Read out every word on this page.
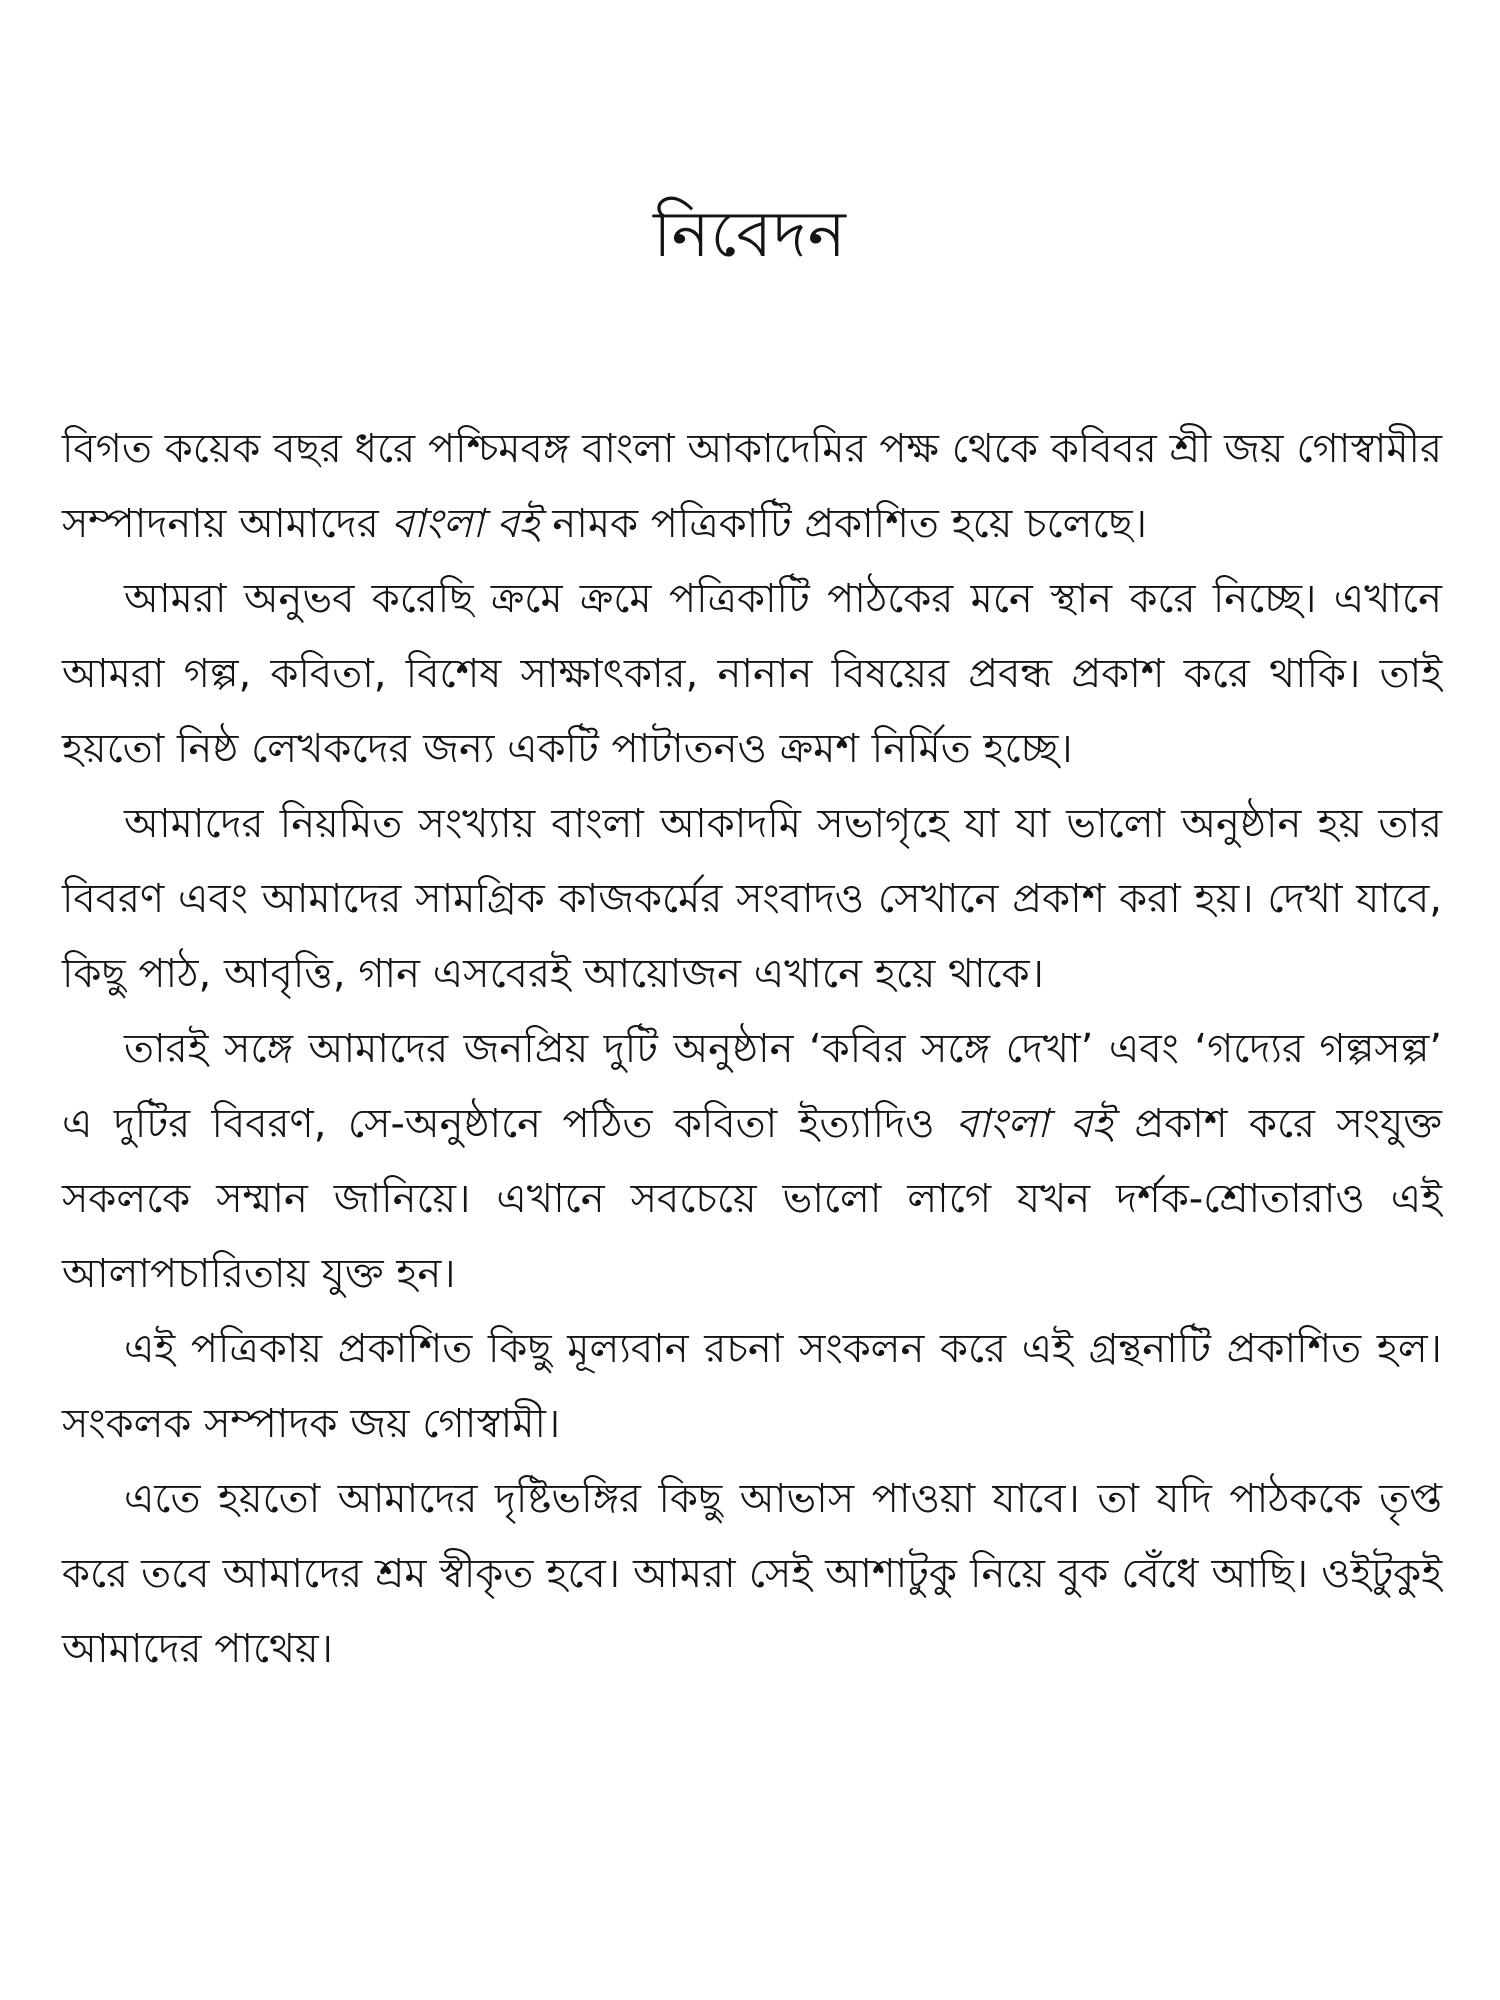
নিবেদন

বিগত কয়েক বছর ধরে পশ্চিমবঙ্গ বাংলা আকাদেমির পক্ষ থেকে কবিবর শ্রী জয় গোস্বামীর সম্পাদনায় আমাদের বাংলা বই নামক পত্রিকাটি প্রকাশিত হয়ে চলেছে।

আমরা অনুভব করেছি ক্রমে ক্রমে পত্রিকাটি পাঠকের মনে স্থান করে নিচ্ছে। এখানে আমরা গল্প, কবিতা, বিশেষ সাক্ষাৎকার, নানান বিষয়ের প্রবন্ধ প্রকাশ করে থাকি। তাই হয়তো নিষ্ঠ লেখকদের জন্য একটি পাটাতনও ক্রমশ নির্মিত হচ্ছে।

আমাদের নিয়মিত সংখ্যায় বাংলা আকাদমি সভাগৃহে যা যা ভালো অনুষ্ঠান হয় তার বিবরণ এবং আমাদের সামগ্রিক কাজকর্মের সংবাদও সেখানে প্রকাশ করা হয়। দেখা যাবে, কিছু পাঠ, আবৃত্তি, গান এসবেরই আয়োজন এখানে হয়ে থাকে।

তারই সঙ্গে আমাদের জনপ্রিয় দুটি অনুষ্ঠান ‘কবির সঙ্গে দেখা’ এবং ‘গদ্যের গল্পসল্প’ এ দুটির বিবরণ, সে-অনুষ্ঠানে পঠিত কবিতা ইত্যাদিও বাংলা বই প্রকাশ করে সংযুক্ত সকলকে সম্মান জানিয়ে। এখানে সবচেয়ে ভালো লাগে যখন দর্শক-শ্রোতারাও এই আলাপচারিতায় যুক্ত হন।

এই পত্রিকায় প্রকাশিত কিছু মূল্যবান রচনা সংকলন করে এই গ্রন্থনাটি প্রকাশিত হল। সংকলক সম্পাদক জয় গোস্বামী।

এতে হয়তো আমাদের দৃষ্টিভঙ্গির কিছু আভাস পাওয়া যাবে। তা যদি পাঠককে তৃপ্ত করে তবে আমাদের শ্রম স্বীকৃত হবে। আমরা সেই আশাটুকু নিয়ে বুক বেঁধে আছি। ওইটুকুই আমাদের পাথেয়।
